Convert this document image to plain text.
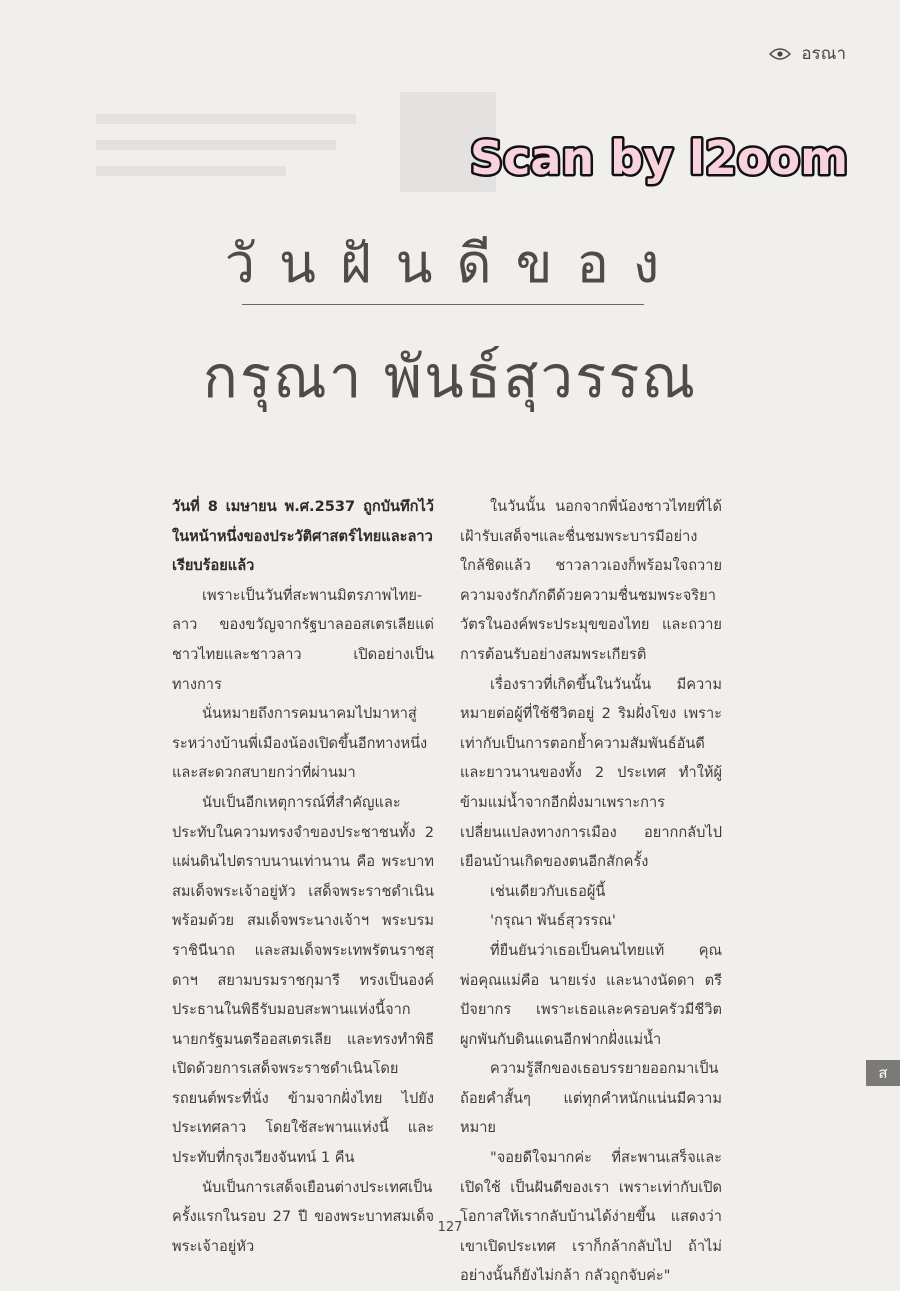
อรณา
Scan by l2oom
วันฝันดีของ
กรุณา พันธ์สุวรรณ

วันที่ 8 เมษายน พ.ศ.2537 ถูกบันทึกไว้ในหน้าหนึ่งของประวัติศาสตร์ไทยและลาวเรียบร้อยแล้ว

เพราะเป็นวันที่สะพานมิตรภาพไทย-ลาว ของขวัญจากรัฐบาลออสเตรเลียแด่ชาวไทยและชาวลาว เปิดอย่างเป็นทางการ

นั่นหมายถึงการคมนาคมไปมาหาสู่ระหว่างบ้านพี่เมืองน้องเปิดขึ้นอีกทางหนึ่ง และสะดวกสบายกว่าที่ผ่านมา

นับเป็นอีกเหตุการณ์ที่สำคัญและประทับในความทรงจำของประชาชนทั้ง 2 แผ่นดินไปตราบนานเท่านาน คือ พระบาทสมเด็จพระเจ้าอยู่หัว เสด็จพระราชดำเนินพร้อมด้วย สมเด็จพระนางเจ้าฯ พระบรมราชินีนาถ และสมเด็จพระเทพรัตนราชสุดาฯ สยามบรมราชกุมารี ทรงเป็นองค์ประธานในพิธีรับมอบสะพานแห่งนี้จากนายกรัฐมนตรีออสเตรเลีย และทรงทำพิธีเปิดด้วยการเสด็จพระราชดำเนินโดยรถยนต์พระที่นั่ง ข้ามจากฝั่งไทย ไปยังประเทศลาว โดยใช้สะพานแห่งนี้ และประทับที่กรุงเวียงจันทน์ 1 คืน

นับเป็นการเสด็จเยือนต่างประเทศเป็นครั้งแรกในรอบ 27 ปี ของพระบาทสมเด็จพระเจ้าอยู่หัว

ในวันนั้น นอกจากพี่น้องชาวไทยที่ได้เฝ้ารับเสด็จฯและชื่นชมพระบารมีอย่างใกล้ชิดแล้ว ชาวลาวเองก็พร้อมใจถวายความจงรักภักดีด้วยความชื่นชมพระจริยาวัตรในองค์พระประมุขของไทย และถวายการต้อนรับอย่างสมพระเกียรติ

เรื่องราวที่เกิดขึ้นในวันนั้น มีความหมายต่อผู้ที่ใช้ชีวิตอยู่ 2 ริมฝั่งโขง เพราะเท่ากับเป็นการตอกย้ำความสัมพันธ์อันดีและยาวนานของทั้ง 2 ประเทศ ทำให้ผู้ข้ามแม่น้ำจากอีกฝั่งมาเพราะการเปลี่ยนแปลงทางการเมือง อยากกลับไปเยือนบ้านเกิดของตนอีกสักครั้ง

เช่นเดียวกับเธอผู้นี้

'กรุณา พันธ์สุวรรณ'

ที่ยืนยันว่าเธอเป็นคนไทยแท้ คุณพ่อคุณแม่คือ นายเร่ง และนางนัดดา ตรีปัจยากร เพราะเธอและครอบครัวมีชีวิตผูกพันกับดินแดนอีกฟากฝั่งแม่น้ำ

ความรู้สึกของเธอบรรยายออกมาเป็นถ้อยคำสั้นๆ แต่ทุกคำหนักแน่นมีความหมาย

"จอยดีใจมากค่ะ ที่สะพานเสร็จและเปิดใช้ เป็นฝันดีของเรา เพราะเท่ากับเปิดโอกาสให้เรากลับบ้านได้ง่ายขึ้น แสดงว่าเขาเปิดประเทศ เราก็กล้ากลับไป ถ้าไม่อย่างนั้นก็ยังไม่กล้า กลัวถูกจับค่ะ"

ส
127
